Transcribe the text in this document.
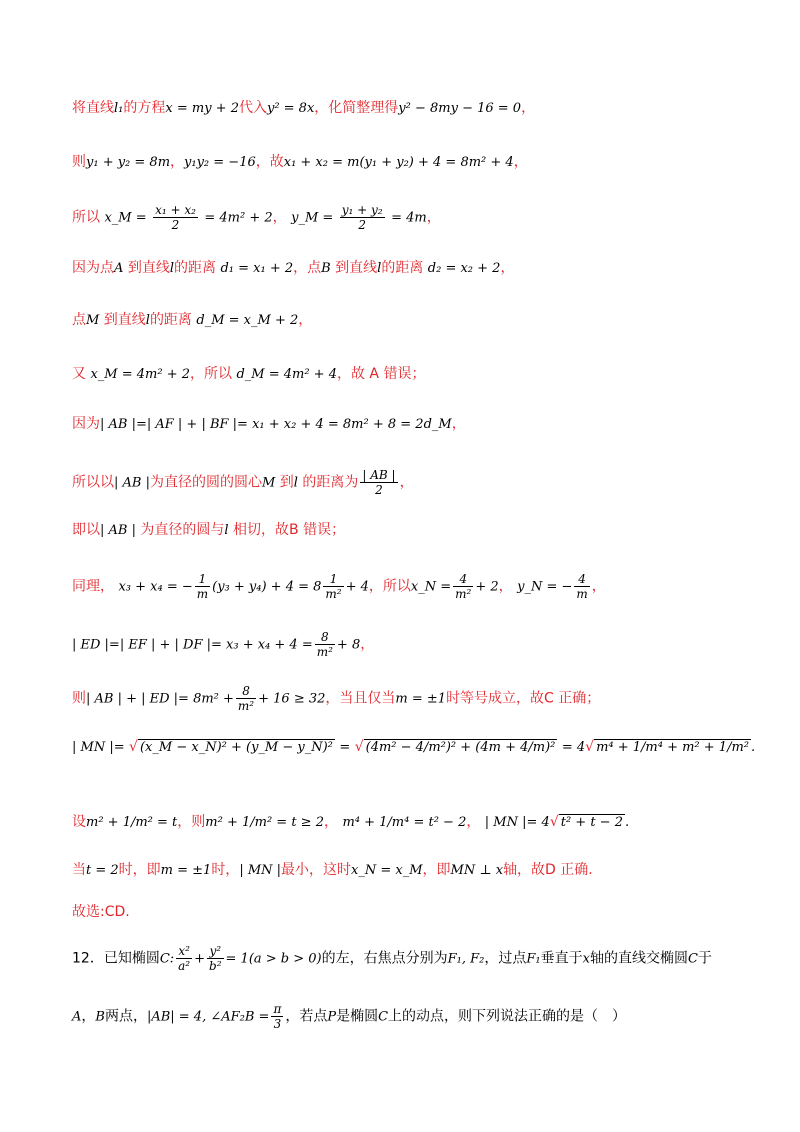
将直线l₁的方程x = my + 2代入y² = 8x，化简整理得y² − 8my − 16 = 0，
则y₁ + y₂ = 8m，y₁y₂ = −16，故x₁ + x₂ = m(y₁ + y₂) + 4 = 8m² + 4，
所以 x_M = $\frac{\text{x₁ + x₂}}{2} = 4m^2 + 2$， y_M = $\frac{\text{y₁ + y₂}}{2} = 4m$，
因为点A 到直线l的距离 d₁ = x₁ + 2，点B 到直线l的距离 d₂ = x₂ + 2，
点M 到直线l的距离 d_M = x_M + 2，
又 x_M = 4m² + 2，所以 d_M = 4m² + 4，故 A 错误；
因为| AB |=| AF | + | BF |= x₁ + x₂ + 4 = 8m² + 8 = 2d_M，
所以以| AB |为直径的圆的圆心M 到l 的距离为 $\frac{| AB |}{2}$ ，
即以| AB | 为直径的圆与l 相切，故B 错误；
同理， x₃ + x₄ = − $\frac{1}{m} (y_3 + y_4) + 4 = 8 \frac{1}{\text{m²}} + 4$，所以x_N = $\frac{4}{\text{m²}} + 2$， y_N = − $\frac{4}{m}$ ，
| ED |=| EF | + | DF |= $x_3 + x_4 + 4 = \frac{8}{\text{m²}} + 8$，
则| AB | + | ED |= $8m^2 + \frac{8}{\text{m²}} + 16 \ge 32$，当且仅当m = ±1时等号成立，故C 正确；
| MN |= √ (x_M − x_N)² + (y_M − y_N)² = √ (4m² − 4/m²)² + (4m + 4/m)² = 4√ m⁴ + 1/m⁴ + m² + 1/m² .
设m² + 1/m² = t，则m² + 1/m² = t ≥ 2， m⁴ + 1/m⁴ = t² − 2， | MN |= 4√ t² + t − 2 .
当t = 2时，即m = ±1时，| MN |最小，这时x_N = x_M，即MN ⊥ x轴，故D 正确.
故选:CD.
12．已知椭圆C: $\frac{\text{x²}}{\text{a²}} + \frac{\text{y²}}{\text{b²}} = 1(a > b > 0)$的左，右焦点分别为F₁, F₂，过点F₁垂直于x轴的直线交椭圆C于
A，B两点，|AB| = 4, ∠AF₂B = $\frac{\pi}{3}$ ，若点P是椭圆C上的动点，则下列说法正确的是（　）
